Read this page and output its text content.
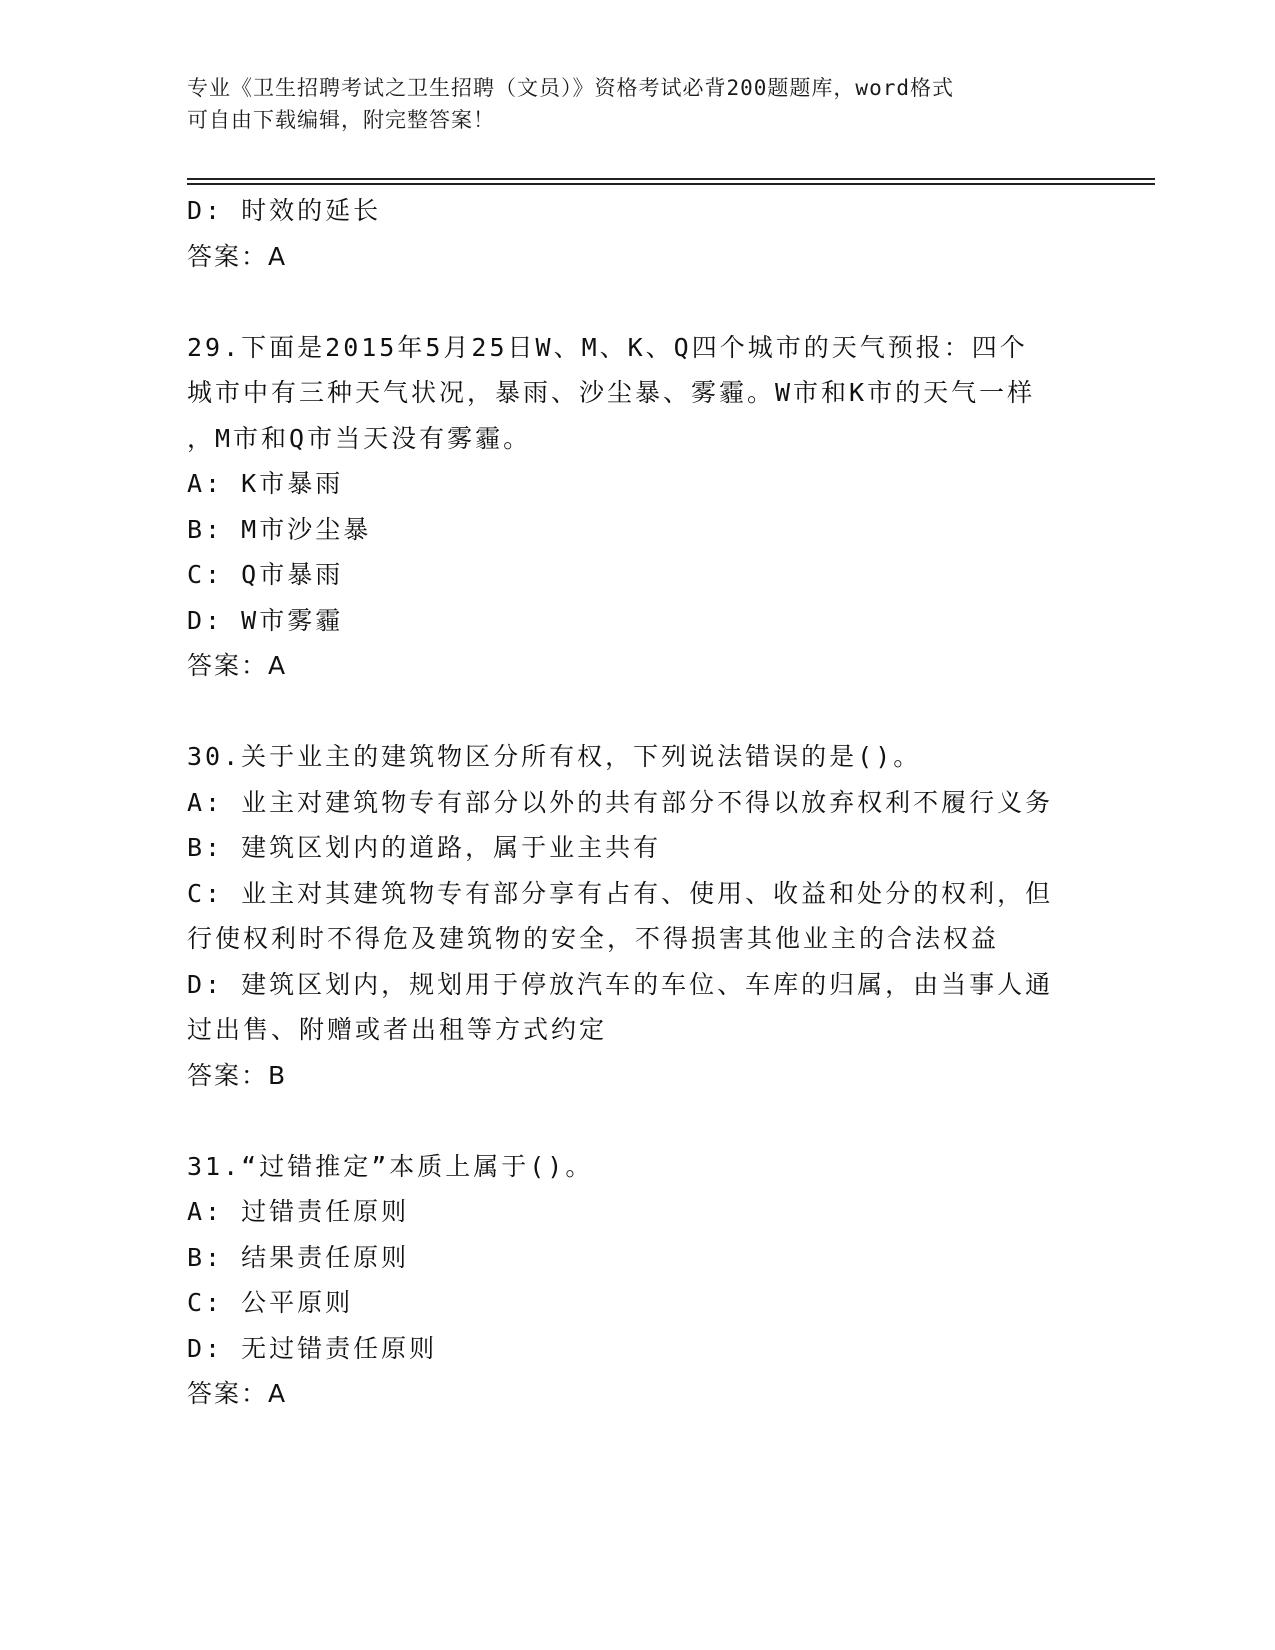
专业《卫生招聘考试之卫生招聘（文员）》资格考试必背200题题库，word格式
可自由下载编辑，附完整答案！
D: 时效的延长
答案：A
29.下面是2015年5月25日W、M、K、Q四个城市的天气预报：四个
城市中有三种天气状况，暴雨、沙尘暴、雾霾。W市和K市的天气一样
，M市和Q市当天没有雾霾。
A: K市暴雨
B: M市沙尘暴
C: Q市暴雨
D: W市雾霾
答案：A
30.关于业主的建筑物区分所有权，下列说法错误的是()。
A: 业主对建筑物专有部分以外的共有部分不得以放弃权利不履行义务
B: 建筑区划内的道路，属于业主共有
C: 业主对其建筑物专有部分享有占有、使用、收益和处分的权利，但
行使权利时不得危及建筑物的安全，不得损害其他业主的合法权益
D: 建筑区划内，规划用于停放汽车的车位、车库的归属，由当事人通
过出售、附赠或者出租等方式约定
答案：B
31.“过错推定”本质上属于()。
A: 过错责任原则
B: 结果责任原则
C: 公平原则
D: 无过错责任原则
答案：A
